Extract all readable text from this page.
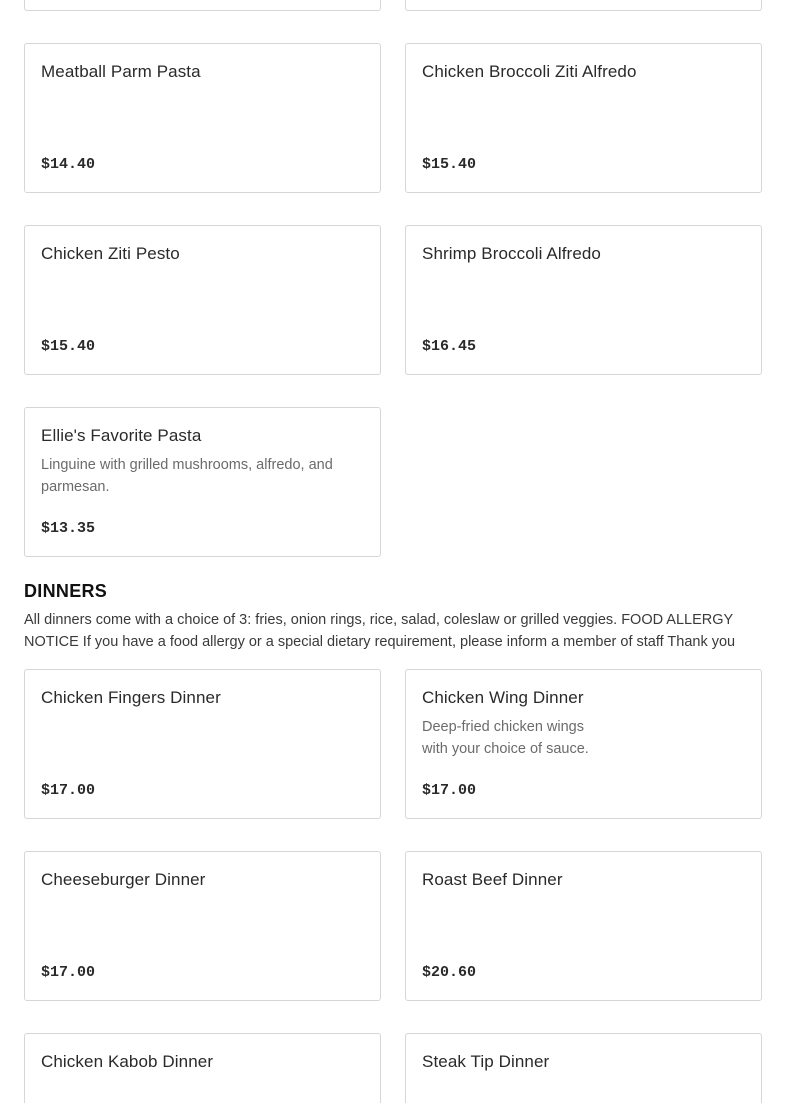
Meatball Parm Pasta
$14.40
Chicken Broccoli Ziti Alfredo
$15.40
Chicken Ziti Pesto
$15.40
Shrimp Broccoli Alfredo
$16.45
Ellie's Favorite Pasta
Linguine with grilled mushrooms, alfredo, and parmesan.
$13.35
DINNERS

All dinners come with a choice of 3: fries, onion rings, rice, salad, coleslaw or grilled veggies. FOOD ALLERGY NOTICE If you have a food allergy or a special dietary requirement, please inform a member of staff Thank you

Chicken Fingers Dinner
$17.00
Chicken Wing Dinner
Deep-fried chicken wings with your choice of sauce.
$17.00
Cheeseburger Dinner
$17.00
Roast Beef Dinner
$20.60
Chicken Kabob Dinner	Steak Tip Dinner
